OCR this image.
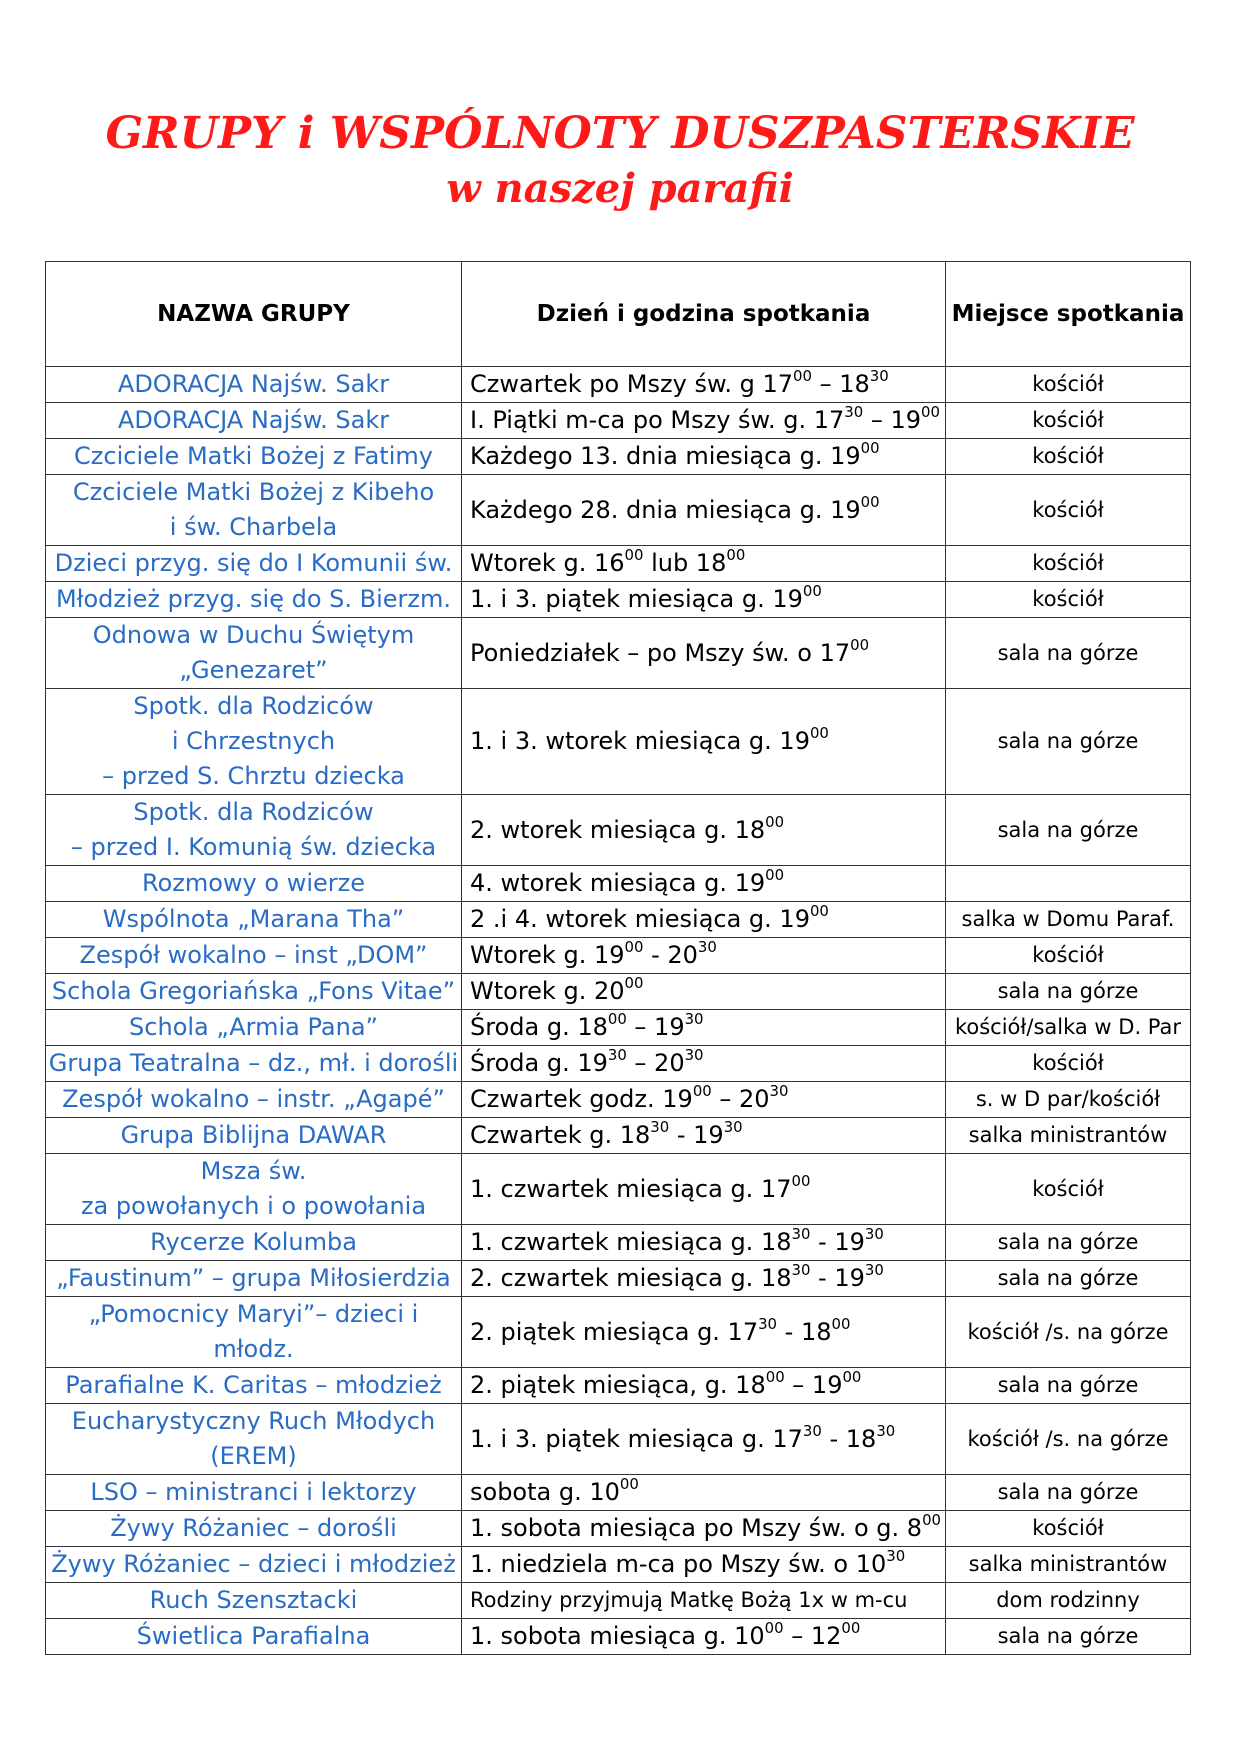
GRUPY i WSPÓLNOTY DUSZPASTERSKIE
w naszej parafii
NAZWA GRUPY	Dzień i godzina spotkania	Miejsce spotkania

ADORACJA Najśw. Sakr	Czwartek po Mszy św. g $17^{00} - 18^{30}$	kościół

ADORACJA Najśw. Sakr	I. Piątki m-ca po Mszy św. g. $17^{30} - 19^{00}$	kościół

Czciciele Matki Bożej z Fatimy	Każdego 13. dnia miesiąca g. $19^{00}$	kościół

Czciciele Matki Bożej z Kibeho
i św. Charbela	Każdego 28. dnia miesiąca g. $19^{00}$	kościół

Dzieci przyg. się do I Komunii św.	Wtorek g. $16^{00}$ lub $18^{00}$	kościół

Młodzież przyg. się do S. Bierzm.	1. i 3. piątek miesiąca g. $19^{00}$	kościół

Odnowa w Duchu Świętym
„Genezaret”	Poniedziałek – po Mszy św. o $17^{00}$	sala na górze

Spotk. dla Rodziców
i Chrzestnych
– przed S. Chrztu dziecka	1. i 3. wtorek miesiąca g. $19^{00}$	sala na górze

Spotk. dla Rodziców
– przed I. Komunią św. dziecka	2. wtorek miesiąca g. $18^{00}$	sala na górze

Rozmowy o wierze	4. wtorek miesiąca g. $19^{00}$	

Wspólnota „Marana Tha”	2 .i 4. wtorek miesiąca g. $19^{00}$	salka w Domu Paraf.

Zespół wokalno – inst „DOM”	Wtorek g. $19^{00} - 20^{30}$	kościół

Schola Gregoriańska „Fons Vitae”	Wtorek g. $20^{00}$	sala na górze

Schola „Armia Pana”	Środa g. $18^{00} - 19^{30}$	kościół/salka w D. Par

Grupa Teatralna – dz., mł. i dorośli	Środa g. $19^{30} - 20^{30}$	kościół

Zespół wokalno – instr. „Agapé”	Czwartek godz. $19^{00} - 20^{30}$	s. w D par/kościół

Grupa Biblijna DAWAR	Czwartek g. $18^{30} - 19^{30}$	salka ministrantów

Msza św.
za powołanych i o powołania	1. czwartek miesiąca g. $17^{00}$	kościół

Rycerze Kolumba	1. czwartek miesiąca g. $18^{30} - 19^{30}$	sala na górze

„Faustinum” – grupa Miłosierdzia	2. czwartek miesiąca g. $18^{30} - 19^{30}$	sala na górze

„Pomocnicy Maryi”– dzieci i młodz.	2. piątek miesiąca g. $17^{30} - 18^{00}$	kościół /s. na górze

Parafialne K. Caritas – młodzież	2. piątek miesiąca, g. $18^{00} - 19^{00}$	sala na górze

Eucharystyczny Ruch Młodych
(EREM)	1. i 3. piątek miesiąca g. $17^{30} - 18^{30}$	kościół /s. na górze

LSO – ministranci i lektorzy	sobota g. $10^{00}$	sala na górze

Żywy Różaniec – dorośli	1. sobota miesiąca po Mszy św. o g. $8^{00}$	kościół

Żywy Różaniec – dzieci i młodzież	1. niedziela m-ca po Mszy św. o $10^{30}$	salka ministrantów

Ruch Szensztacki	Rodziny przyjmują Matkę Bożą 1x w m-cu	dom rodzinny

Świetlica Parafialna	1. sobota miesiąca g. $10^{00} - 12^{00}$	sala na górze
